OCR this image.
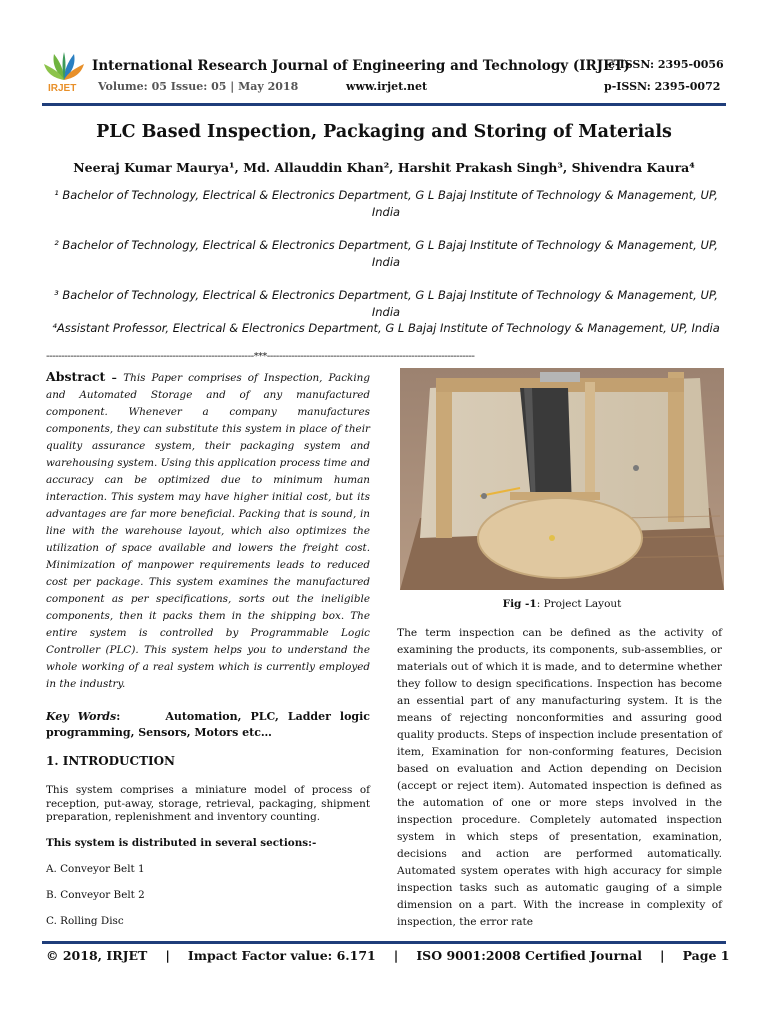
IRJET
International Research Journal of Engineering and Technology (IRJET)
Volume: 05 Issue: 05 | May 2018	www.irjet.net
e-ISSN: 2395-0056
p-ISSN: 2395-0072
PLC Based Inspection, Packaging and Storing of Materials
Neeraj Kumar Maurya¹, Md. Allauddin Khan², Harshit Prakash Singh³, Shivendra Kaura⁴
¹ Bachelor of Technology, Electrical & Electronics Department, G L Bajaj Institute of Technology & Management, UP, India
² Bachelor of Technology, Electrical & Electronics Department, G L Bajaj Institute of Technology & Management, UP, India
³ Bachelor of Technology, Electrical & Electronics Department, G L Bajaj Institute of Technology & Management, UP, India
⁴Assistant Professor, Electrical & Electronics Department, G L Bajaj Institute of Technology & Management, UP, India
---------------------------------------------------------------------***---------------------------------------------------------------------

Abstract – This Paper comprises of Inspection, Packing and Automated Storage and of any manufactured component. Whenever a company manufactures components, they can substitute this system in place of their quality assurance system, their packaging system and warehousing system. Using this application process time and accuracy can be optimized due to minimum human interaction. This system may have higher initial cost, but its advantages are far more beneficial. Packing that is sound, in line with the warehouse layout, which also optimizes the utilization of space available and lowers the freight cost. Minimization of manpower requirements leads to reduced cost per package. This system examines the manufactured component as per specifications, sorts out the ineligible components, then it packs them in the shipping box. The entire system is controlled by Programmable Logic Controller (PLC). This system helps you to understand the whole working of a real system which is currently employed in the industry.

Key Words:	Automation, PLC, Ladder logic programming, Sensors, Motors etc…
1. INTRODUCTION
This system comprises a miniature model of process of reception, put-away, storage, retrieval, packaging, shipment preparation, replenishment and inventory counting.
This system is distributed in several sections:-
A. Conveyor Belt 1
B. Conveyor Belt 2
C. Rolling Disc
Fig -1: Project Layout

The term inspection can be defined as the activity of examining the products, its components, sub-assemblies, or materials out of which it is made, and to determine whether they follow to design specifications. Inspection has become an essential part of any manufacturing system. It is the means of rejecting nonconformities and assuring good quality products. Steps of inspection include presentation of item, Examination for non-conforming features, Decision based on evaluation and Action depending on Decision (accept or reject item). Automated inspection is defined as the automation of one or more steps involved in the inspection procedure. Completely automated inspection system in which steps of presentation, examination, decisions and action are performed automatically. Automated system operates with high accuracy for simple inspection tasks such as automatic gauging of a simple dimension on a part. With the increase in complexity of inspection, the error rate

© 2018, IRJET | Impact Factor value: 6.171 | ISO 9001:2008 Certified Journal | Page 1
